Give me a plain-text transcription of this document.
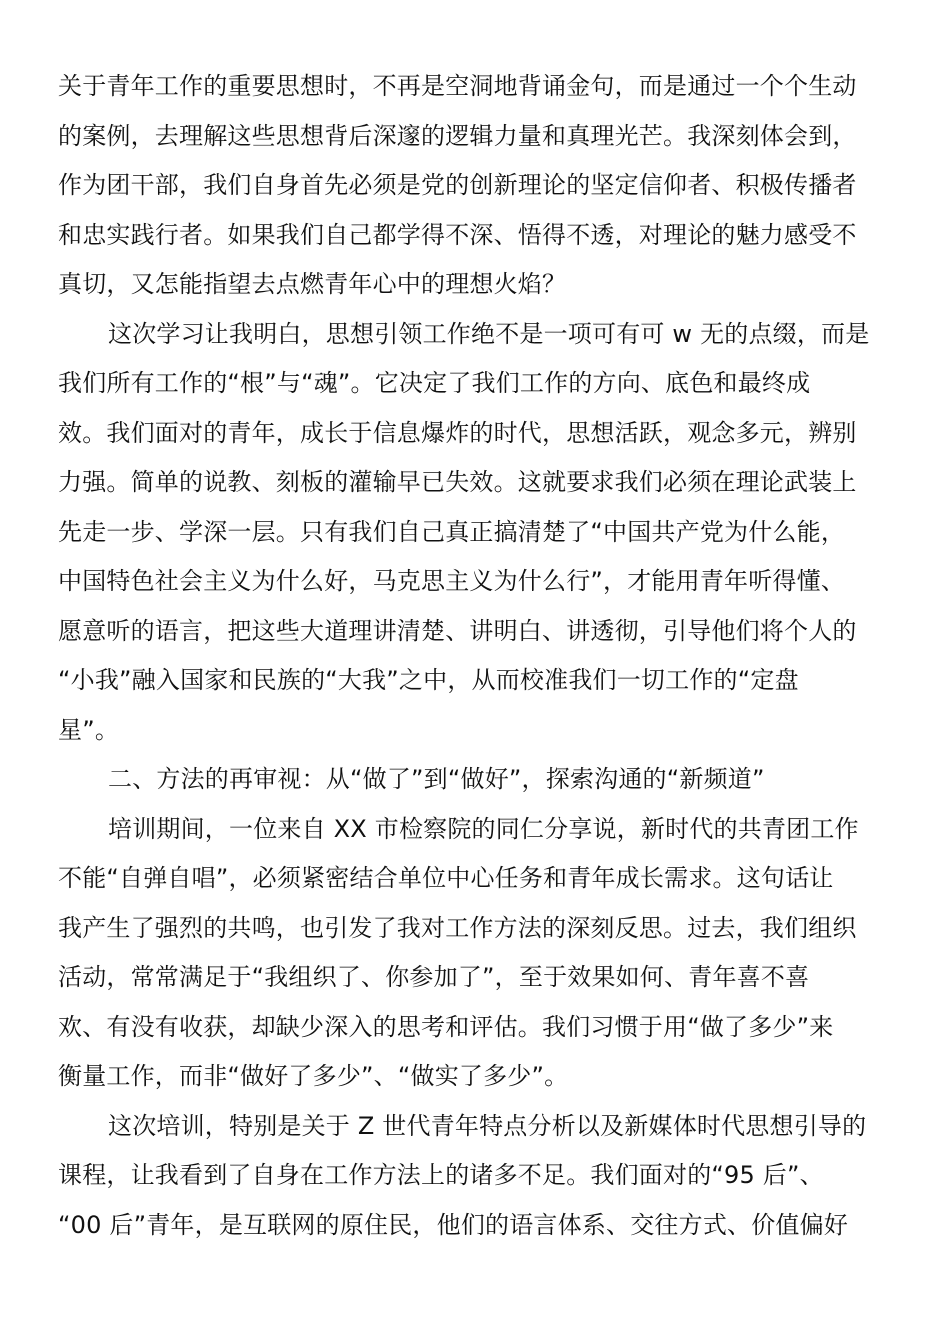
关于青年工作的重要思想时，不再是空洞地背诵金句，而是通过一个个生动
的案例，去理解这些思想背后深邃的逻辑力量和真理光芒。我深刻体会到，
作为团干部，我们自身首先必须是党的创新理论的坚定信仰者、积极传播者
和忠实践行者。如果我们自己都学得不深、悟得不透，对理论的魅力感受不
真切，又怎能指望去点燃青年心中的理想火焰？
这次学习让我明白，思想引领工作绝不是一项可有可 w 无的点缀，而是
我们所有工作的“根”与“魂”。它决定了我们工作的方向、底色和最终成
效。我们面对的青年，成长于信息爆炸的时代，思想活跃，观念多元，辨别
力强。简单的说教、刻板的灌输早已失效。这就要求我们必须在理论武装上
先走一步、学深一层。只有我们自己真正搞清楚了“中国共产党为什么能，
中国特色社会主义为什么好，马克思主义为什么行”，才能用青年听得懂、
愿意听的语言，把这些大道理讲清楚、讲明白、讲透彻，引导他们将个人的
“小我”融入国家和民族的“大我”之中，从而校准我们一切工作的“定盘
星”。
二、方法的再审视：从“做了”到“做好”，探索沟通的“新频道”
培训期间，一位来自 XX 市检察院的同仁分享说，新时代的共青团工作
不能“自弹自唱”，必须紧密结合单位中心任务和青年成长需求。这句话让
我产生了强烈的共鸣，也引发了我对工作方法的深刻反思。过去，我们组织
活动，常常满足于“我组织了、你参加了”，至于效果如何、青年喜不喜
欢、有没有收获，却缺少深入的思考和评估。我们习惯于用“做了多少”来
衡量工作，而非“做好了多少”、“做实了多少”。
这次培训，特别是关于 Z 世代青年特点分析以及新媒体时代思想引导的
课程，让我看到了自身在工作方法上的诸多不足。我们面对的“95 后”、
“00 后”青年，是互联网的原住民，他们的语言体系、交往方式、价值偏好
